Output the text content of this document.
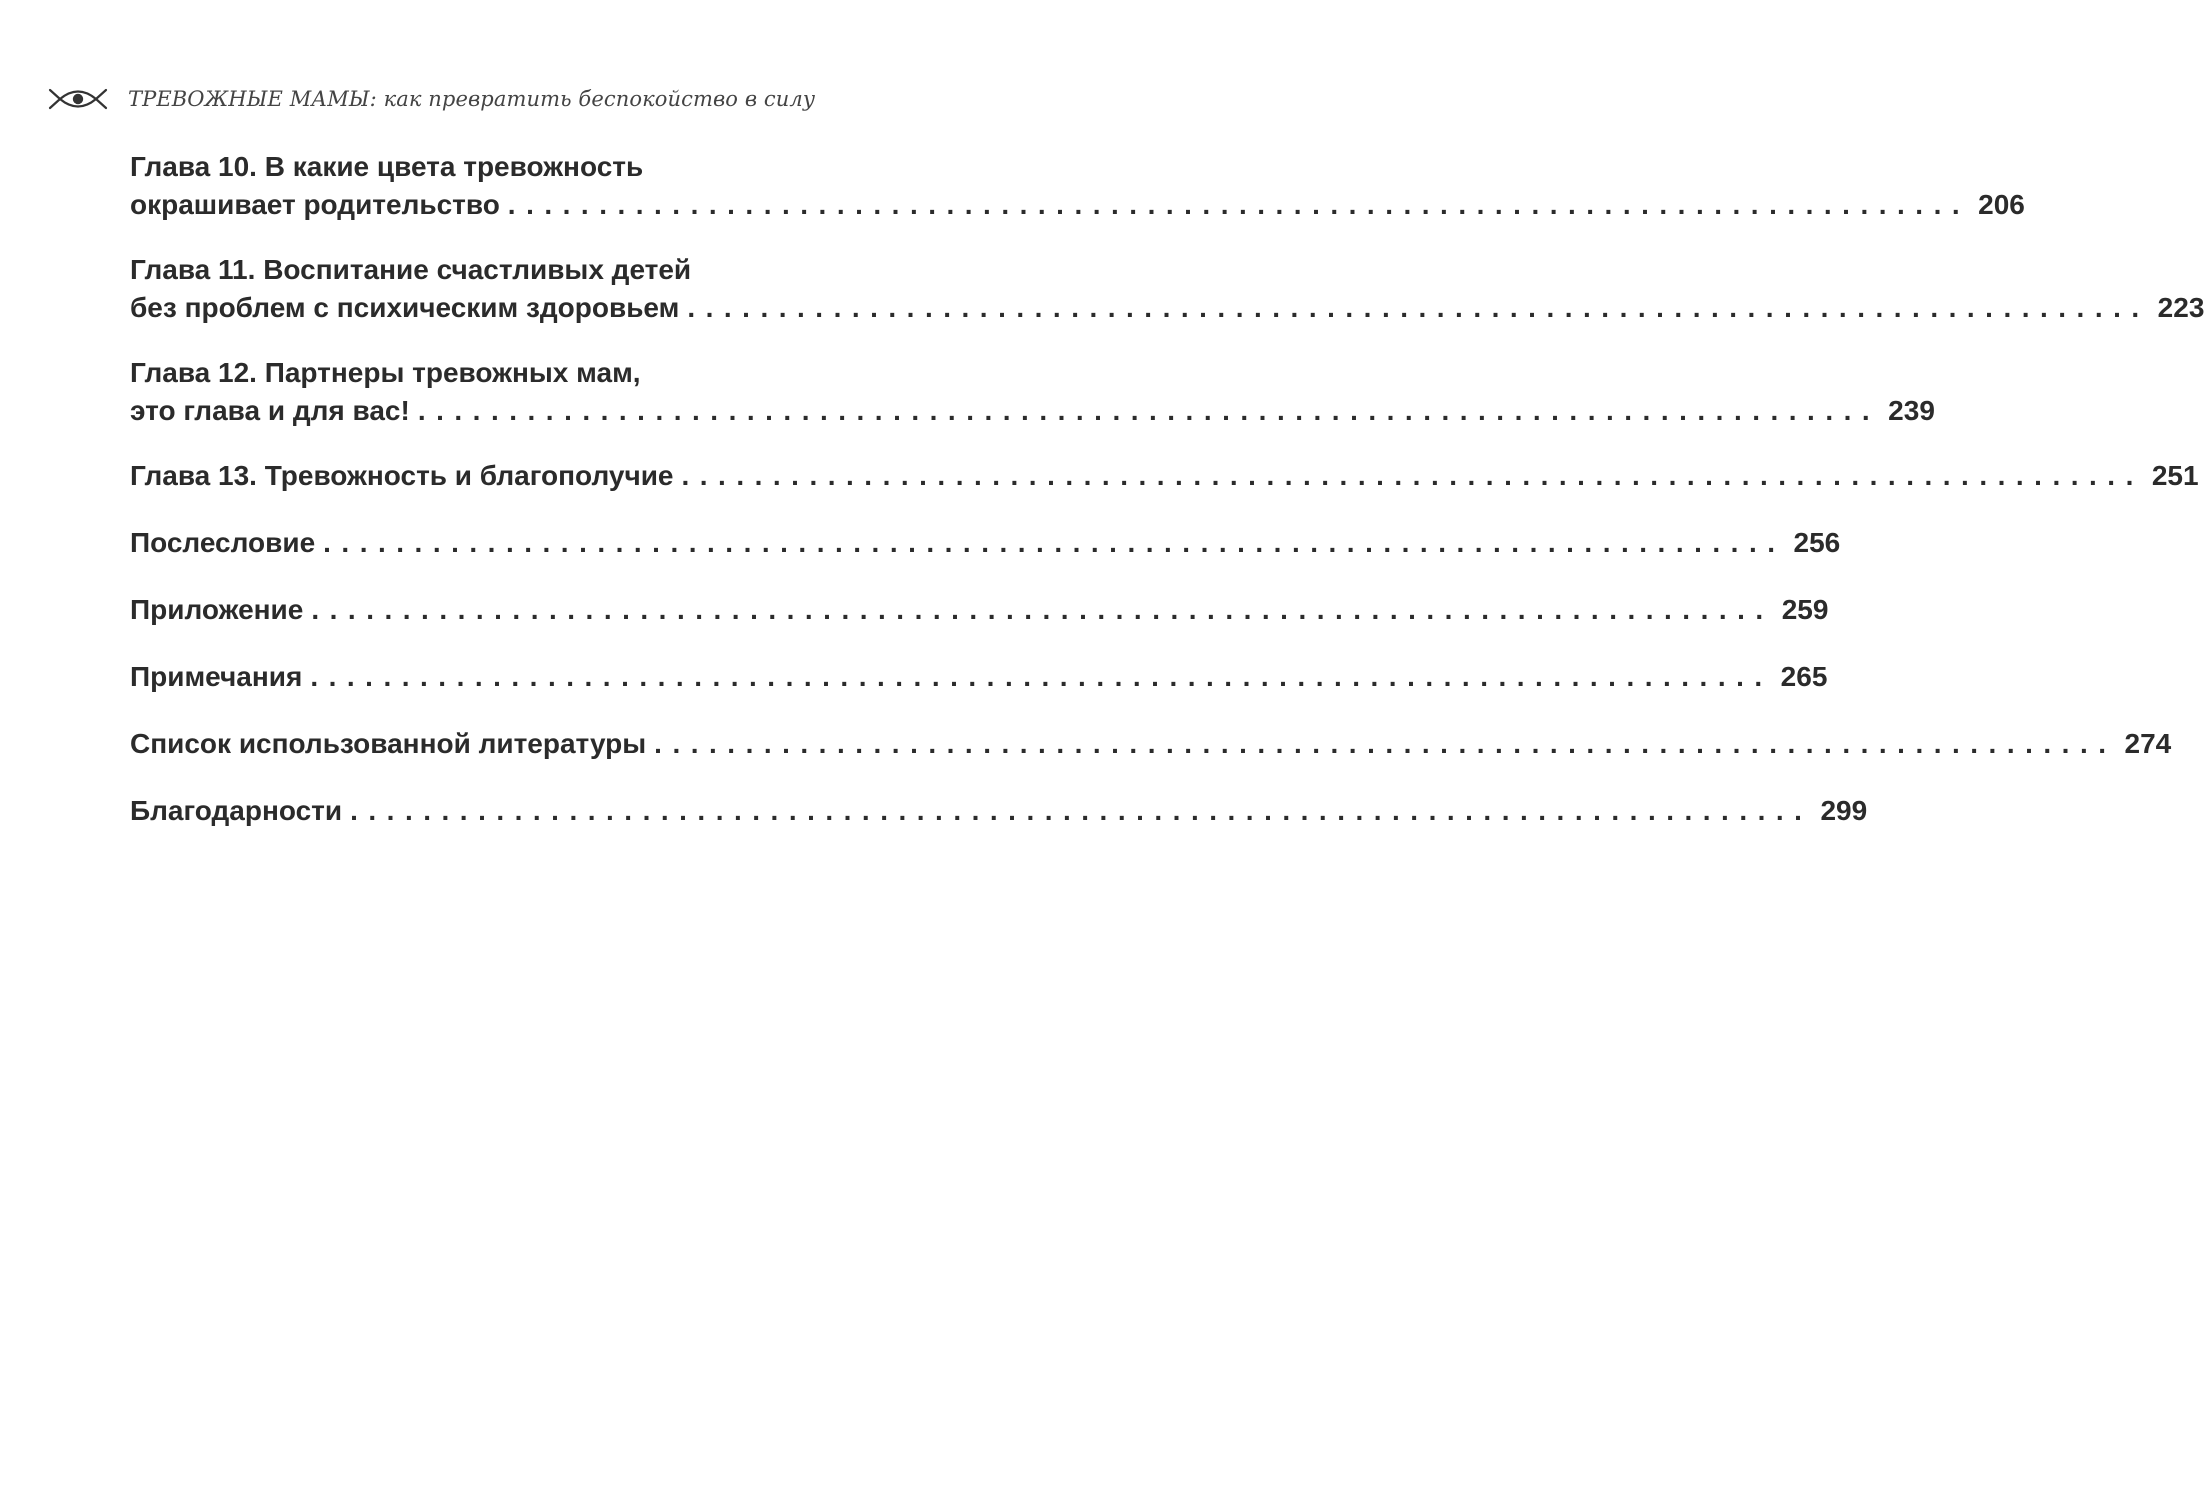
ТРЕВОЖНЫЕ МАМЫ: как превратить беспокойство в силу
Глава 10. В какие цвета тревожность
окрашивает родительство ................................................................................ 206
Глава 11. Воспитание счастливых детей
без проблем с психическим здоровьем ................................................................................ 223
Глава 12. Партнеры тревожных мам,
это глава и для вас! ................................................................................ 239
Глава 13. Тревожность и благополучие ................................................................................ 251
Послесловие ................................................................................ 256
Приложение ................................................................................ 259
Примечания ................................................................................ 265
Список использованной литературы ................................................................................ 274
Благодарности ................................................................................ 299
